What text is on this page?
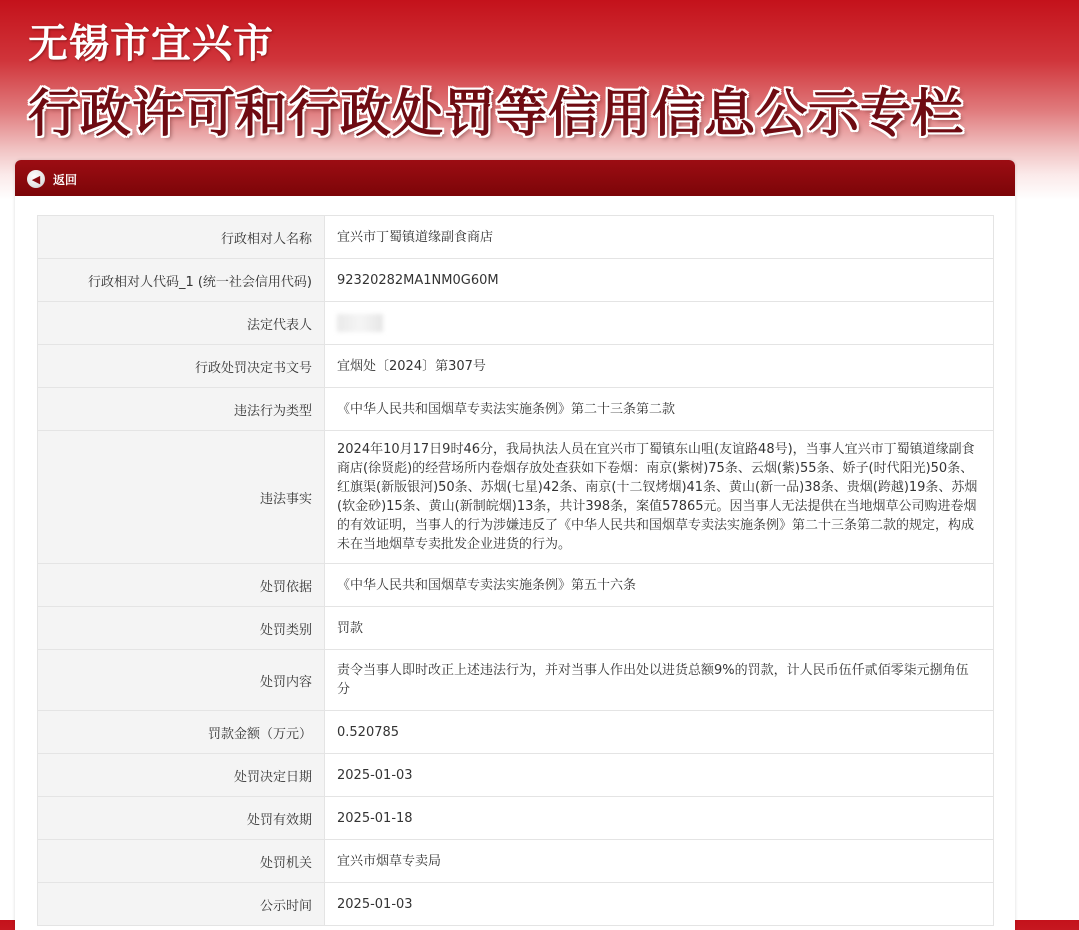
无锡市宜兴市
行政许可和行政处罚等信用信息公示专栏
◀	返回
行政相对人名称	宜兴市丁蜀镇道缘副食商店
行政相对人代码_1 (统一社会信用代码)	92320282MA1NM0G60M
法定代表人	
行政处罚决定书文号	宜烟处〔2024〕第307号
违法行为类型	《中华人民共和国烟草专卖法实施条例》第二十三条第二款
违法事实	2024年10月17日9时46分，我局执法人员在宜兴市丁蜀镇东山咀(友谊路48号)，当事人宜兴市丁蜀镇道缘副食商店(徐贤彪)的经营场所内卷烟存放处查获如下卷烟：南京(紫树)75条、云烟(紫)55条、娇子(时代阳光)50条、红旗渠(新版银河)50条、苏烟(七星)42条、南京(十二钗烤烟)41条、黄山(新一品)38条、贵烟(跨越)19条、苏烟(软金砂)15条、黄山(新制皖烟)13条，共计398条，案值57865元。因当事人无法提供在当地烟草公司购进卷烟的有效证明，当事人的行为涉嫌违反了《中华人民共和国烟草专卖法实施条例》第二十三条第二款的规定，构成未在当地烟草专卖批发企业进货的行为。
处罚依据	《中华人民共和国烟草专卖法实施条例》第五十六条
处罚类别	罚款
处罚内容	责令当事人即时改正上述违法行为，并对当事人作出处以进货总额9%的罚款，计人民币伍仟贰佰零柒元捌角伍分
罚款金额（万元）	0.520785
处罚决定日期	2025-01-03
处罚有效期	2025-01-18
处罚机关	宜兴市烟草专卖局
公示时间	2025-01-03
